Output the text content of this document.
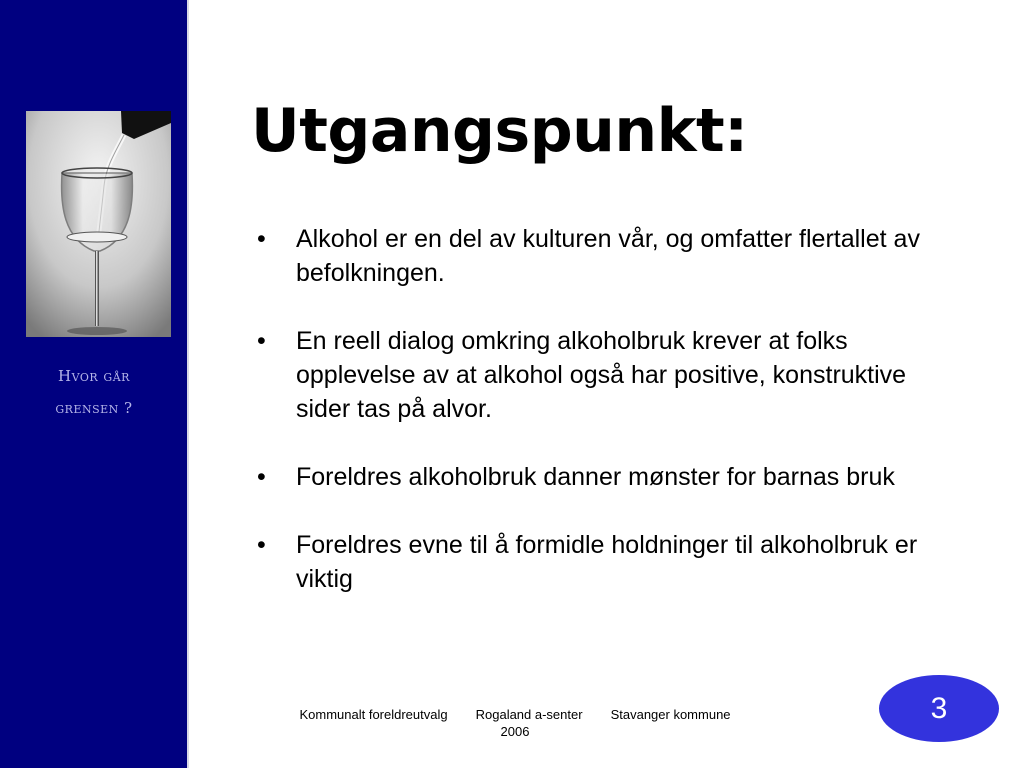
Hvor går
grensen ?
Utgangspunkt:
• Alkohol er en del av kulturen vår, og omfatter flertallet av befolkningen.
• En reell dialog omkring alkoholbruk krever at folks opplevelse av at alkohol også har positive, konstruktive sider tas på alvor.
• Foreldres alkoholbruk danner mønster for barnas bruk
• Foreldres evne til å formidle holdninger til alkoholbruk er viktig
Kommunalt foreldreutvalg Rogaland a-senter Stavanger kommune
2006
3
